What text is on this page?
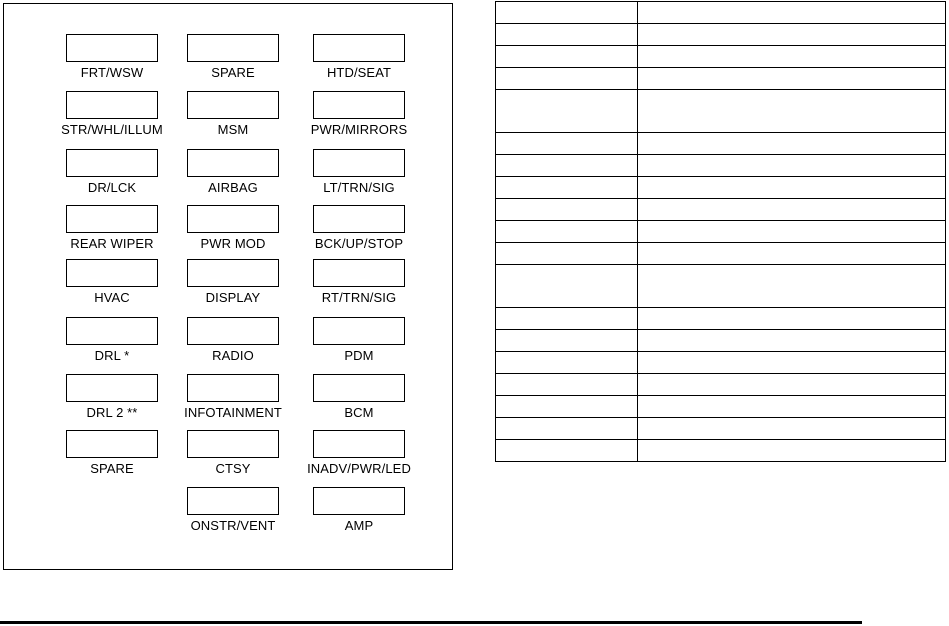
FRT/WSW	SPARE	HTD/SEAT
STR/WHL/ILLUM	MSM	PWR/MIRRORS
DR/LCK	AIRBAG	LT/TRN/SIG
REAR WIPER	PWR MOD	BCK/UP/STOP
HVAC	DISPLAY	RT/TRN/SIG
DRL *	RADIO	PDM
DRL 2 **	INFOTAINMENT	BCM
SPARE	CTSY	INADV/PWR/LED
ONSTR/VENT	AMP
